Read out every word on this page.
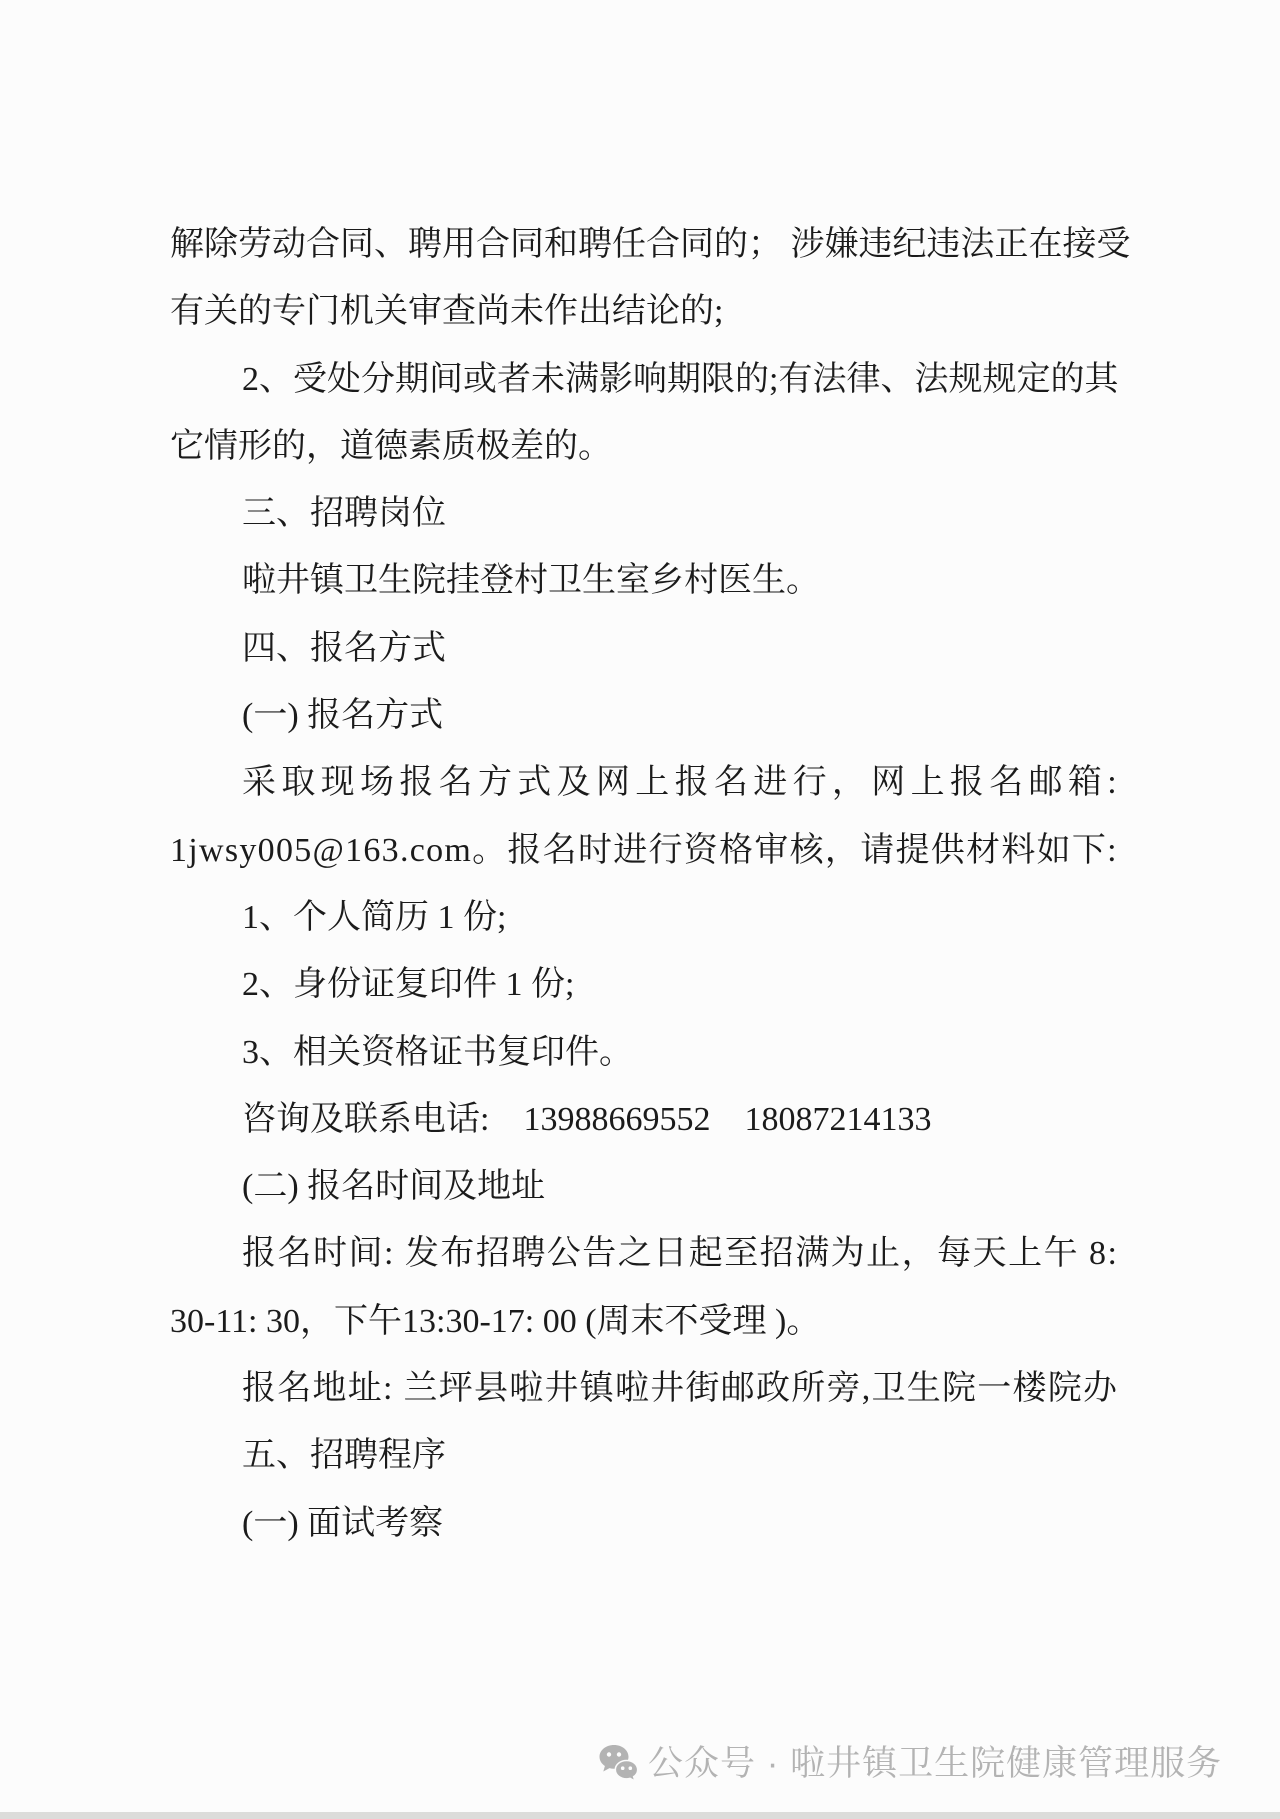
解 除 劳 动 合 同 、 聘 用 合 同 和 聘 任 合 同 的 ；
涉 嫌 违 纪 违 法 正 在 接 受
有关的专门机关审查尚未作出结论的;
2 、 受 处 分 期 间 或 者 未 满 影 响 期 限 的 ; 有 法 律 、 法 规 规 定 的 其
它情形的，道德素质极差的。
三、招聘岗位
啦井镇卫生院挂登村卫生室乡村医生。
四、报名方式
(一) 报名方式
采 取 现 场 报 名 方 式 及 网 上 报 名 进 行 ， 网 上 报 名 邮 箱 :
1 j w s y 0 0 5 @ 1 6 3 . c o m 。 报 名 时 进 行 资 格 审 核 ， 请 提 供 材 料 如 下 :
1、个人简历 1 份;
2、身份证复印件 1 份;
3、相关资格证书复印件。
咨询及联系电话:    13988669552    18087214133
(二) 报名时间及地址
报 名 时 间 :
发 布 招 聘 公 告 之 日 起 至 招 满 为 止 ， 每 天 上 午
8 :
30-11: 30，下午13:30-17: 00 (周末不受理 )。
报 名 地 址 :
兰 坪 县 啦 井 镇 啦 井 街 邮 政 所 旁 , 卫 生 院 一 楼 院 办
五、招聘程序
(一) 面试考察
公众号 · 啦井镇卫生院健康管理服务
